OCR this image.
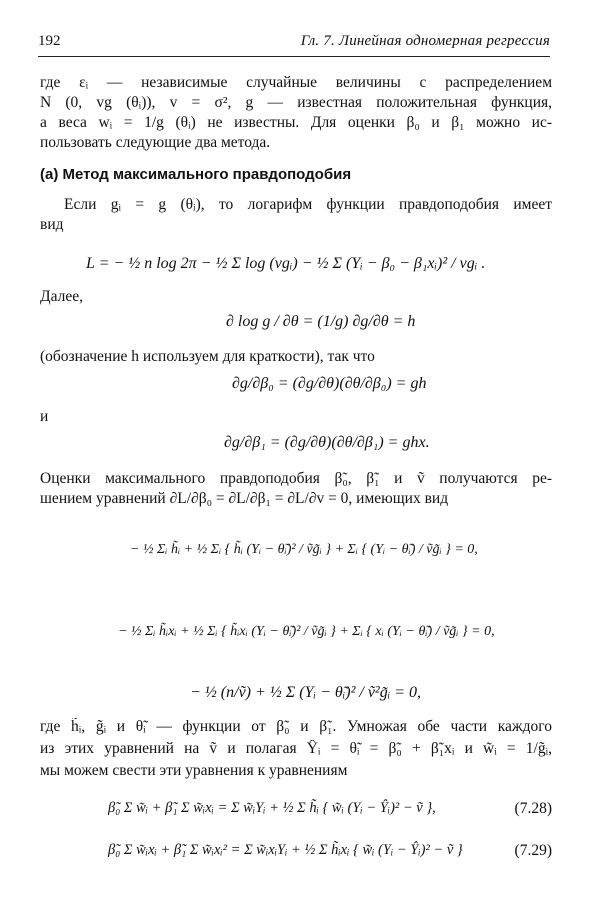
192	Гл. 7. Линейная одномерная регрессия
где εᵢ — независимые случайные величины с распределением
N (0, vg (θᵢ)), v = σ², g — известная положительная функция,
а веса wᵢ = 1/g (θᵢ) не известны. Для оценки β₀ и β₁ можно ис-
пользовать следующие два метода.
(а) Метод максимального правдоподобия
Если gᵢ = g (θᵢ), то логарифм функции правдоподобия имеет
вид
L = − ½ n log 2π − ½ Σ log (vgᵢ) − ½ Σ (Yᵢ − β₀ − β₁xᵢ)² / vgᵢ .
Далее,
∂ log g / ∂θ = (1/g) ∂g/∂θ = h
(обозначение h используем для краткости), так что
∂g/∂β₀ = (∂g/∂θ)(∂θ/∂β₀) = gh
и
∂g/∂β₁ = (∂g/∂θ)(∂θ/∂β₁) = ghx.
Оценки максимального правдоподобия β̃₀, β̃₁ и ṽ получаются ре-
шением уравнений ∂L/∂β₀ = ∂L/∂β₁ = ∂L/∂v = 0, имеющих вид
− ½ Σᵢ h̃ᵢ + ½ Σᵢ { h̃ᵢ (Yᵢ − θ̃ᵢ)² / ṽg̃ᵢ } + Σᵢ { (Yᵢ − θ̃ᵢ) / ṽg̃ᵢ } = 0,
− ½ Σᵢ h̃ᵢxᵢ + ½ Σᵢ { h̃ᵢxᵢ (Yᵢ − θ̃ᵢ)² / ṽg̃ᵢ } + Σᵢ { xᵢ (Yᵢ − θ̃ᵢ) / ṽg̃ᵢ } = 0,
− ½ (n/ṽ) + ½ Σ (Yᵢ − θ̃ᵢ)² / ṽ²g̃ᵢ = 0,
где h̃ᵢ, g̃ᵢ и θ̃ᵢ — функции от β̃₀ и β̃₁. Умножая обе части каждого
из этих уравнений на ṽ и полагая Ŷᵢ = θ̃ᵢ = β̃₀ + β̃₁xᵢ и w̃ᵢ = 1/g̃ᵢ,
мы можем свести эти уравнения к уравнениям
β̃₀ Σ w̃ᵢ + β̃₁ Σ w̃ᵢxᵢ = Σ w̃ᵢYᵢ + ½ Σ h̃ᵢ { w̃ᵢ (Yᵢ − Ŷᵢ)² − ṽ },	(7.28)
β̃₀ Σ w̃ᵢxᵢ + β̃₁ Σ w̃ᵢxᵢ² = Σ w̃ᵢxᵢYᵢ + ½ Σ h̃ᵢxᵢ { w̃ᵢ (Yᵢ − Ŷᵢ)² − ṽ }	(7.29)
